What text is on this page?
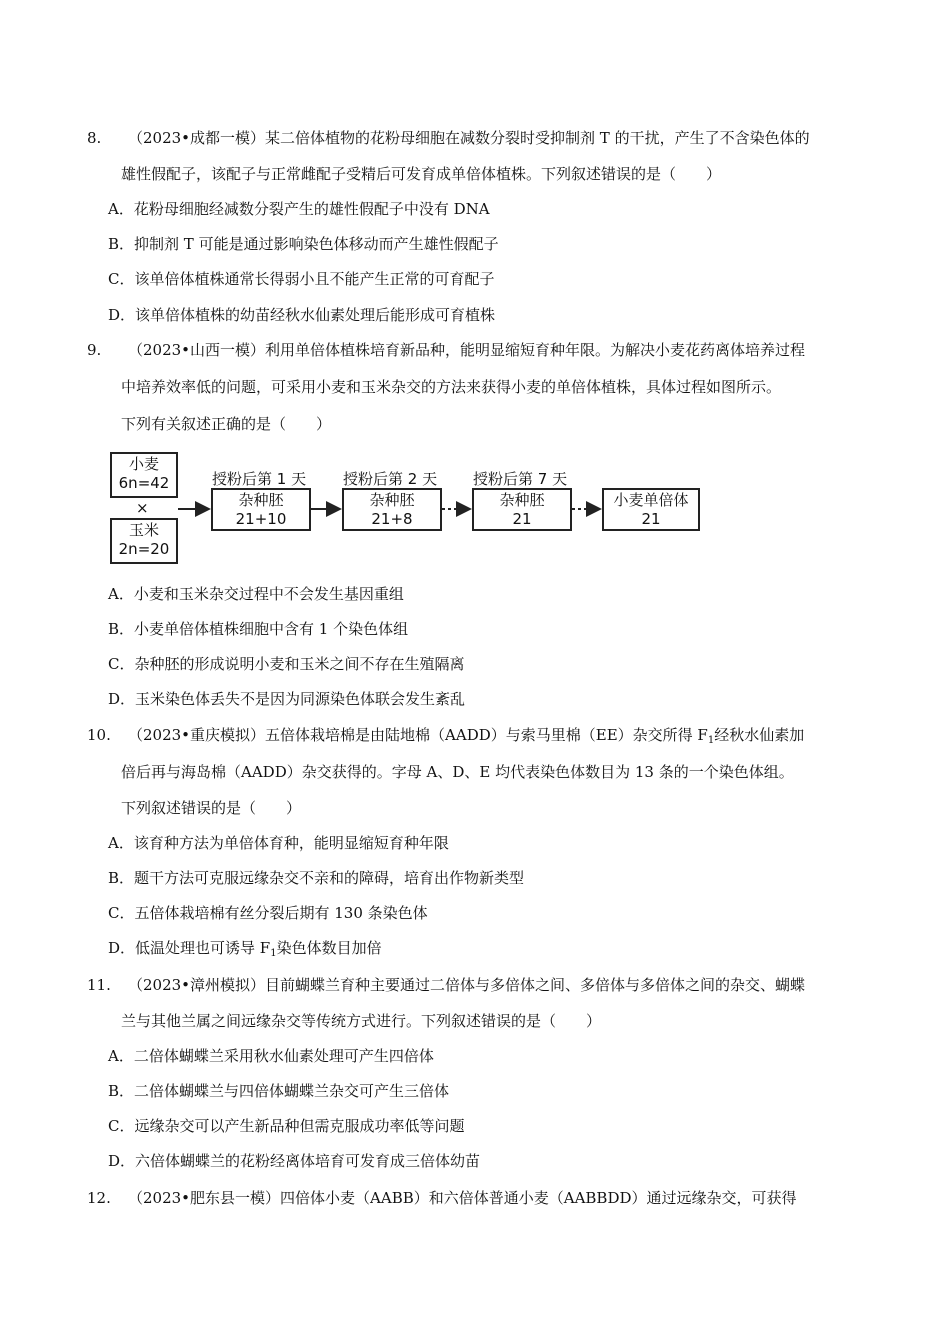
8. （2023•成都一模）某二倍体植物的花粉母细胞在减数分裂时受抑制剂 T 的干扰，产生了不含染色体的
雄性假配子，该配子与正常雌配子受精后可发育成单倍体植株。下列叙述错误的是（　　）
A．花粉母细胞经减数分裂产生的雄性假配子中没有 DNA
B．抑制剂 T 可能是通过影响染色体移动而产生雄性假配子
C．该单倍体植株通常长得弱小且不能产生正常的可育配子
D．该单倍体植株的幼苗经秋水仙素处理后能形成可育植株
9. （2023•山西一模）利用单倍体植株培育新品种，能明显缩短育种年限。为解决小麦花药离体培养过程
中培养效率低的问题，可采用小麦和玉米杂交的方法来获得小麦的单倍体植株，具体过程如图所示。
下列有关叙述正确的是（　　）
小麦
6n=42
×
玉米
2n=20
授粉后第 1 天
杂种胚
21+10
授粉后第 2 天
杂种胚
21+8
授粉后第 7 天
杂种胚
21
小麦单倍体
21
A．小麦和玉米杂交过程中不会发生基因重组
B．小麦单倍体植株细胞中含有 1 个染色体组
C．杂种胚的形成说明小麦和玉米之间不存在生殖隔离
D．玉米染色体丢失不是因为同源染色体联会发生紊乱
10. （2023•重庆模拟）五倍体栽培棉是由陆地棉（AADD）与索马里棉（EE）杂交所得 $F_1$经秋水仙素加
倍后再与海岛棉（AADD）杂交获得的。字母 A、D、E 均代表染色体数目为 13 条的一个染色体组。
下列叙述错误的是（　　）
A．该育种方法为单倍体育种，能明显缩短育种年限
B．题干方法可克服远缘杂交不亲和的障碍，培育出作物新类型
C．五倍体栽培棉有丝分裂后期有 130 条染色体
D．低温处理也可诱导 $F_1$染色体数目加倍
11. （2023•漳州模拟）目前蝴蝶兰育种主要通过二倍体与多倍体之间、多倍体与多倍体之间的杂交、蝴蝶
兰与其他兰属之间远缘杂交等传统方式进行。下列叙述错误的是（　　）
A．二倍体蝴蝶兰采用秋水仙素处理可产生四倍体
B．二倍体蝴蝶兰与四倍体蝴蝶兰杂交可产生三倍体
C．远缘杂交可以产生新品种但需克服成功率低等问题
D．六倍体蝴蝶兰的花粉经离体培育可发育成三倍体幼苗
12. （2023•肥东县一模）四倍体小麦（AABB）和六倍体普通小麦（AABBDD）通过远缘杂交，可获得
